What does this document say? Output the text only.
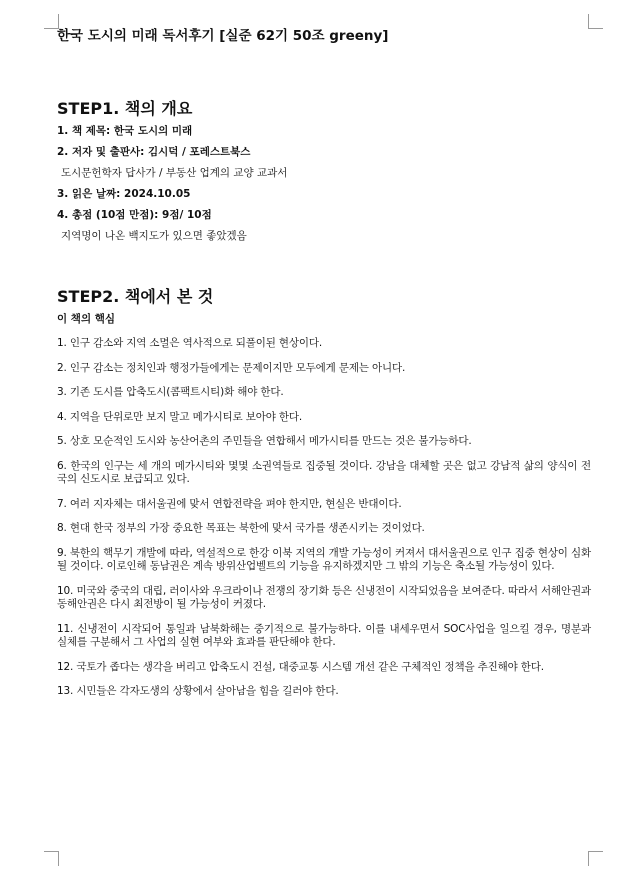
한국 도시의 미래 독서후기 [실준 62기 50조 greeny]

STEP1. 책의 개요

1. 책 제목: 한국 도시의 미래

2. 저자 및 출판사: 김시덕 / 포레스트북스

도시문헌학자 답사가 / 부동산 업계의 교양 교과서

3. 읽은 날짜: 2024.10.05

4. 총점 (10점 만점): 9점/ 10점

지역명이 나온 백지도가 있으면 좋았겠음

STEP2. 책에서 본 것

이 책의 핵심

1. 인구 감소와 지역 소멸은 역사적으로 되풀이된 현상이다.

2. 인구 감소는 정치인과 행정가들에게는 문제이지만 모두에게 문제는 아니다.

3. 기존 도시를 압축도시(콤팩트시티)화 해야 한다.

4. 지역을 단위로만 보지 말고 메가시티로 보아야 한다.

5. 상호 모순적인 도시와 농산어촌의 주민들을 연합해서 메가시티를 만드는 것은 불가능하다.

6. 한국의 인구는 세 개의 메가시티와 몇몇 소권역들로 집중될 것이다. 강남을 대체할 곳은 없고 강남적 삶의 양식이 전국의 신도시로 보급되고 있다.

7. 여러 지자체는 대서울권에 맞서 연합전략을 펴야 한지만, 현실은 반대이다.

8. 현대 한국 정부의 가장 중요한 목표는 북한에 맞서 국가를 생존시키는 것이었다.

9. 북한의 핵무기 개발에 따라, 역설적으로 한강 이북 지역의 개발 가능성이 커져서 대서울권으로 인구 집중 현상이 심화될 것이다. 이로인해 동남권은 계속 방위산업벨트의 기능을 유지하겠지만 그 밖의 기능은 축소될 가능성이 있다.

10. 미국와 중국의 대립, 러이사와 우크라이나 전쟁의 장기화 등은 신냉전이 시작되었음을 보여준다. 따라서 서해안권과 동해안권은 다시 최전방이 될 가능성이 커졌다.

11. 신냉전이 시작되어 통일과 남북화해는 중기적으로 불가능하다. 이를 내세우면서 SOC사업을 일으킬 경우, 명분과 실체를 구분해서 그 사업의 실현 여부와 효과를 판단해야 한다.

12. 국토가 좁다는 생각을 버리고 압축도시 건설, 대중교통 시스템 개선 같은 구체적인 정책을 추진해야 한다.

13. 시민들은 각자도생의 상황에서 살아남을 힘을 길러야 한다.
